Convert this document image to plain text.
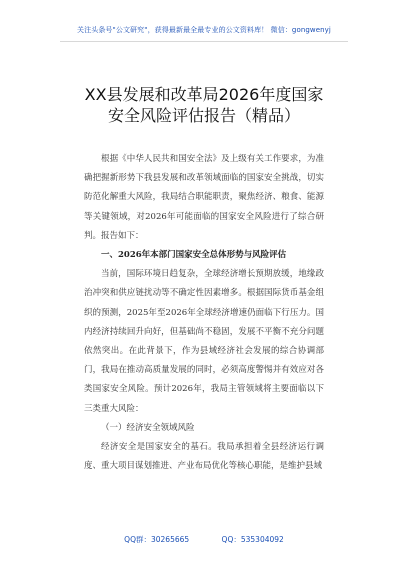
关注头条号"公文研究"，获得最新最全最专业的公文资料库！ 微信：gongwenyj
XX县发展和改革局2026年度国家
安全风险评估报告（精品）

根据《中华人民共和国安全法》及上级有关工作要求，为准确把握新形势下我县发展和改革领域面临的国家安全挑战，切实防范化解重大风险，我局结合职能职责，聚焦经济、粮食、能源等关键领域，对2026年可能面临的国家安全风险进行了综合研判。报告如下：

一、2026年本部门国家安全总体形势与风险评估

当前，国际环境日趋复杂，全球经济增长预期放缓，地缘政治冲突和供应链扰动等不确定性因素增多。根据国际货币基金组织的预测，2025年至2026年全球经济增速仍面临下行压力。国内经济持续回升向好，但基础尚不稳固，发展不平衡不充分问题依然突出。在此背景下，作为县域经济社会发展的综合协调部门，我局在推动高质量发展的同时，必须高度警惕并有效应对各类国家安全风险。预计2026年，我局主管领域将主要面临以下三类重大风险：

（一）经济安全领域风险

经济安全是国家安全的基石。我局承担着全县经济运行调度、重大项目谋划推进、产业布局优化等核心职能，是维护县域

QQ群：30265665	QQ：535304092
